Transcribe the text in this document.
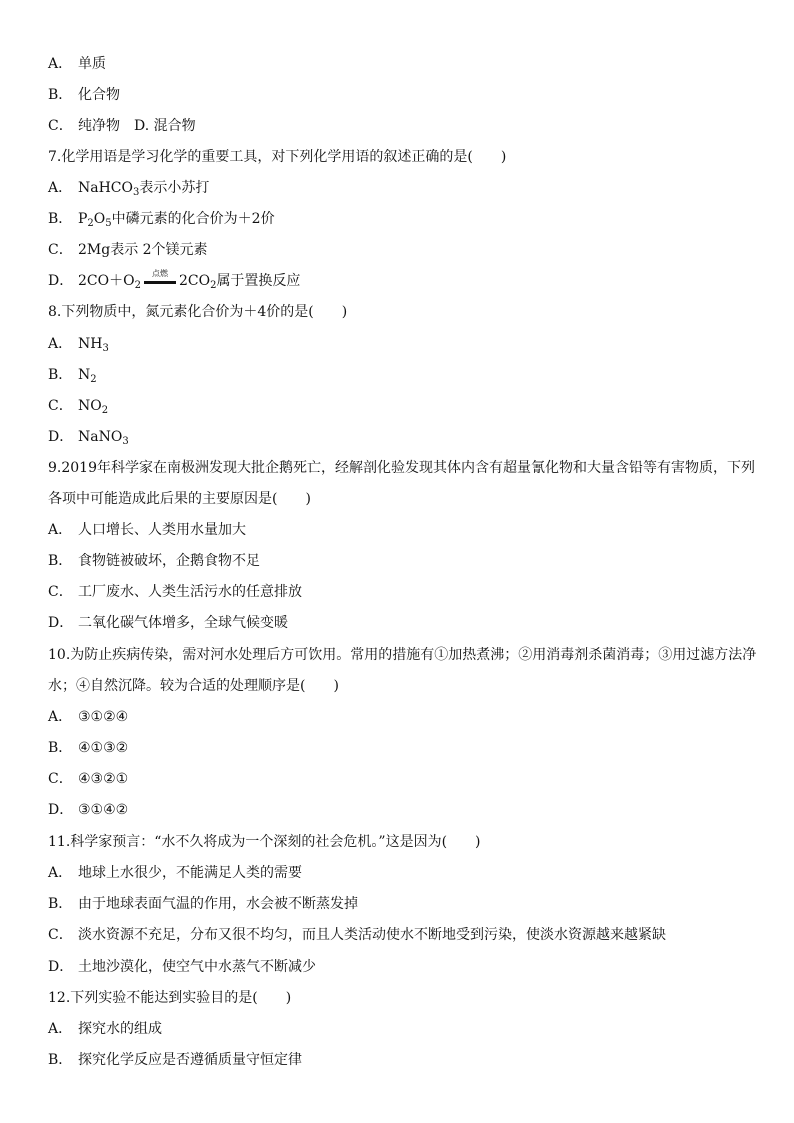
A． 单质
B． 化合物
C． 纯净物　D. 混合物
7.化学用语是学习化学的重要工具，对下列化学用语的叙述正确的是(　　)
A． NaHCO$_3$表示小苏打
B． $P_2O_5$中磷元素的化合价为＋2价
C． 2Mg表示 2个镁元素
D． $2CO+O_2$
点燃 $2CO_2$属于置换反应
8.下列物质中，氮元素化合价为＋4价的是(　　)
A． $NH_3$
B． $N_2$
C． $NO_2$
D． NaNO$_3$
9.2019年科学家在南极洲发现大批企鹅死亡，经解剖化验发现其体内含有超量氰化物和大量含铅等有害物质，下列
各项中可能造成此后果的主要原因是(　　)
A． 人口增长、人类用水量加大
B． 食物链被破坏，企鹅食物不足
C． 工厂废水、人类生活污水的任意排放
D． 二氧化碳气体增多，全球气候变暖
10.为防止疾病传染，需对河水处理后方可饮用。常用的措施有①加热煮沸；②用消毒剂杀菌消毒；③用过滤方法净
水；④自然沉降。较为合适的处理顺序是(　　)
A． ③①②④
B． ④①③②
C． ④③②①
D． ③①④②
11.科学家预言：“水不久将成为一个深刻的社会危机。”这是因为(　　)
A． 地球上水很少，不能满足人类的需要
B． 由于地球表面气温的作用，水会被不断蒸发掉
C． 淡水资源不充足，分布又很不均匀，而且人类活动使水不断地受到污染，使淡水资源越来越紧缺
D． 土地沙漠化，使空气中水蒸气不断减少
12.下列实验不能达到实验目的是(　　)
A． 探究水的组成
B． 探究化学反应是否遵循质量守恒定律
